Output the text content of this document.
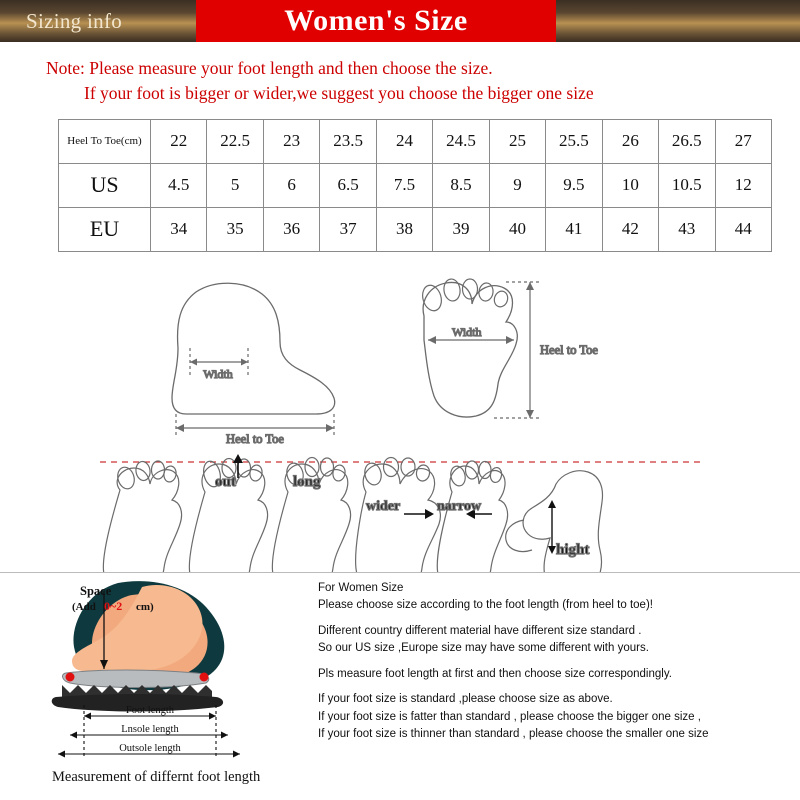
Sizing info	Women's Size
Note: Please measure your foot length and then choose the size.
If your foot is bigger or wider,we suggest you choose the bigger one size
Heel To Toe(cm)	22	22.5	23	23.5	24	24.5	25	25.5	26	26.5	27
US	4.5	5	6	6.5	7.5	8.5	9	9.5	10	10.5	12
EU	34	35	36	37	38	39	40	41	42	43	44
Width
Heel to Toe
Width
Heel to Toe
out	long
wider	narrow
hight
Space
(Add 0~2 cm)
Foot length
Lnsole length
Outsole length
Measurement of differnt foot length

For Women Size

Please choose size according to the foot length (from heel to toe)!

Different country different material have different size standard .

So our US size ,Europe size may have some different with yours.

Pls measure foot length at first and then choose size correspondingly.

If your foot size is standard ,please choose size as above.

If your foot size is fatter than standard , please choose the bigger one size ,

If your foot size is thinner than standard , please choose the smaller one size
